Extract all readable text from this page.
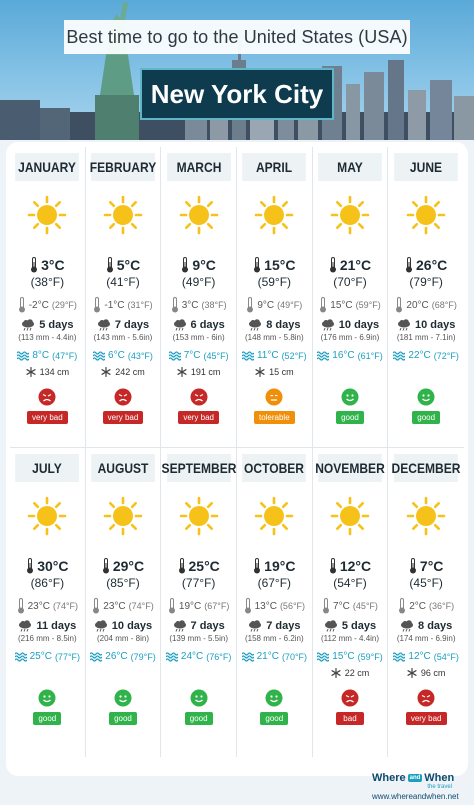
Best time to go to the United States (USA)
New York City
JANUARY
3°C
(38°F)
-2°C (29°F)
5 days
(113 mm - 4.4in)
8°C (47°F)
134 cm
very bad
FEBRUARY
5°C
(41°F)
-1°C (31°F)
7 days
(143 mm - 5.6in)
6°C (43°F)
242 cm
very bad
MARCH
9°C
(49°F)
3°C (38°F)
6 days
(153 mm - 6in)
7°C (45°F)
191 cm
very bad
APRIL
15°C
(59°F)
9°C (49°F)
8 days
(148 mm - 5.8in)
11°C (52°F)
15 cm
tolerable
MAY
21°C
(70°F)
15°C (59°F)
10 days
(176 mm - 6.9in)
16°C (61°F)
good
JUNE
26°C
(79°F)
20°C (68°F)
10 days
(181 mm - 7.1in)
22°C (72°F)
good
JULY
30°C
(86°F)
23°C (74°F)
11 days
(216 mm - 8.5in)
25°C (77°F)
good
AUGUST
29°C
(85°F)
23°C (74°F)
10 days
(204 mm - 8in)
26°C (79°F)
good
SEPTEMBER
25°C
(77°F)
19°C (67°F)
7 days
(139 mm - 5.5in)
24°C (76°F)
good
OCTOBER
19°C
(67°F)
13°C (56°F)
7 days
(158 mm - 6.2in)
21°C (70°F)
good
NOVEMBER
12°C
(54°F)
7°C (45°F)
5 days
(112 mm - 4.4in)
15°C (59°F)
22 cm
bad
DECEMBER
7°C
(45°F)
2°C (36°F)
8 days
(174 mm - 6.9in)
12°C (54°F)
96 cm
very bad
Where and When
the travel
www.whereandwhen.net
